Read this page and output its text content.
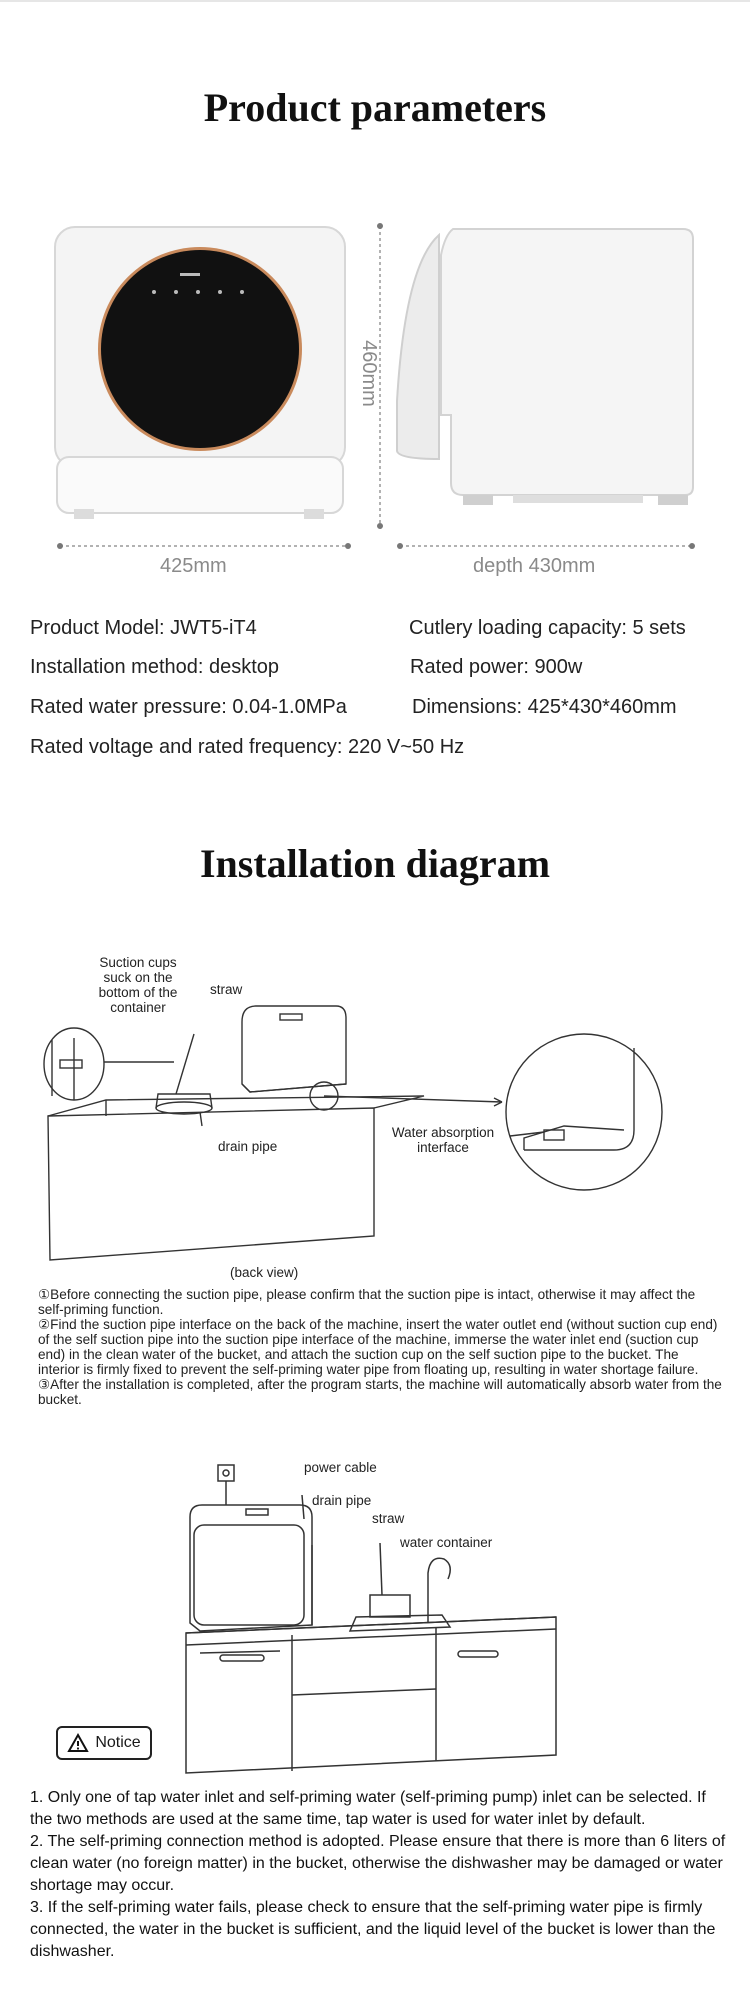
Product parameters
460mm
425mm	depth 430mm
Product Model: JWT5-iT4	Cutlery loading capacity: 5 sets
Installation method: desktop	Rated power: 900w
Rated water pressure: 0.04-1.0MPa	Dimensions: 425*430*460mm
Rated voltage and rated frequency: 220 V~50 Hz
Installation diagram
Suction cups suck on the bottom of the container
straw
drain pipe
Water absorption interface
(back view)

①Before connecting the suction pipe, please confirm that the suction pipe is intact, otherwise it may affect the self-priming function.

②Find the suction pipe interface on the back of the machine, insert the water outlet end (without suction cup end) of the self suction pipe into the suction pipe interface of the machine, immerse the water inlet end (suction cup end) in the clean water of the bucket, and attach the suction cup on the self suction pipe to the bucket. The interior is firmly fixed to prevent the self-priming water pipe from floating up, resulting in water shortage failure.

③After the installation is completed, after the program starts, the machine will automatically absorb water from the bucket.

power cable
drain pipe
straw
water container
Notice

1. Only one of tap water inlet and self-priming water (self-priming pump) inlet can be selected. If the two methods are used at the same time, tap water is used for water inlet by default.

2. The self-priming connection method is adopted. Please ensure that there is more than 6 liters of clean water (no foreign matter) in the bucket, otherwise the dishwasher may be damaged or water shortage may occur.

3. If the self-priming water fails, please check to ensure that the self-priming water pipe is firmly connected, the water in the bucket is sufficient, and the liquid level of the bucket is lower than the dishwasher.
